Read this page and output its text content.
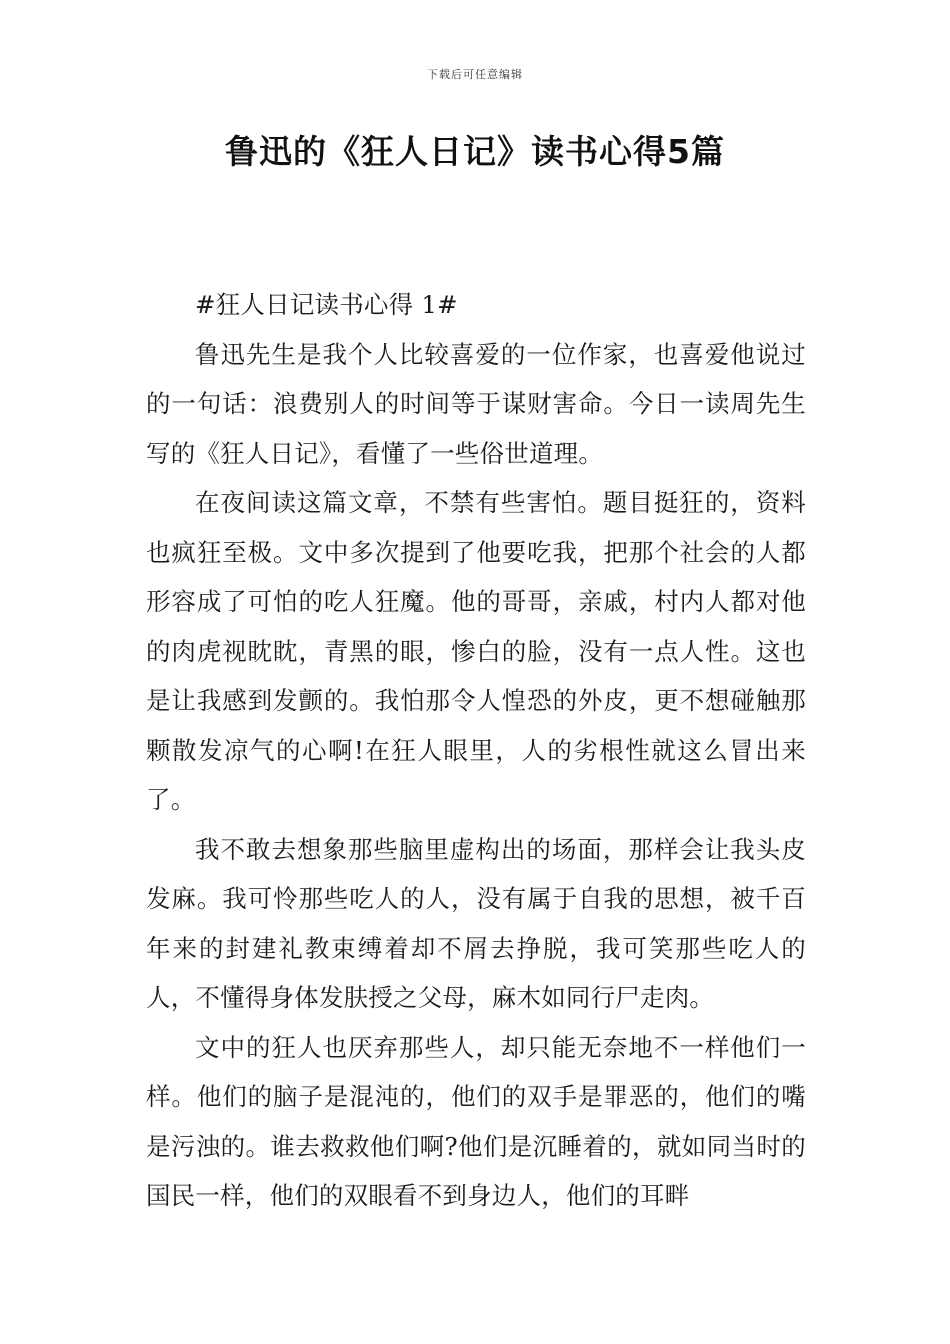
下载后可任意编辑
鲁迅的《狂人日记》读书心得5篇

#狂人日记读书心得 1#

鲁迅先生是我个人比较喜爱的一位作家，也喜爱他说过的一句话：浪费别人的时间等于谋财害命。今日一读周先生写的《狂人日记》，看懂了一些俗世道理。

在夜间读这篇文章，不禁有些害怕。题目挺狂的，资料也疯狂至极。文中多次提到了他要吃我，把那个社会的人都形容成了可怕的吃人狂魔。他的哥哥，亲戚，村内人都对他的肉虎视眈眈，青黑的眼，惨白的脸，没有一点人性。这也是让我感到发颤的。我怕那令人惶恐的外皮，更不想碰触那颗散发凉气的心啊!在狂人眼里，人的劣根性就这么冒出来了。

我不敢去想象那些脑里虚构出的场面，那样会让我头皮发麻。我可怜那些吃人的人，没有属于自我的思想，被千百年来的封建礼教束缚着却不屑去挣脱，我可笑那些吃人的人，不懂得身体发肤授之父母，麻木如同行尸走肉。

文中的狂人也厌弃那些人，却只能无奈地不一样他们一样。他们的脑子是混沌的，他们的双手是罪恶的，他们的嘴是污浊的。谁去救救他们啊?他们是沉睡着的，就如同当时的国民一样，他们的双眼看不到身边人，他们的耳畔
